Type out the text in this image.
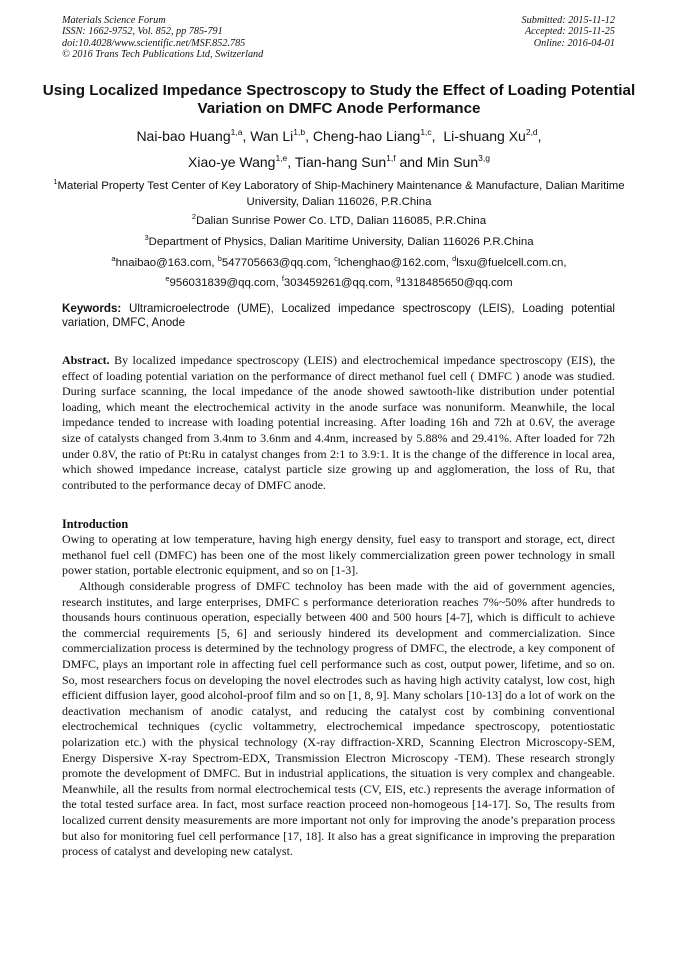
Materials Science Forum
ISSN: 1662-9752, Vol. 852, pp 785-791
doi:10.4028/www.scientific.net/MSF.852.785
© 2016 Trans Tech Publications Ltd, Switzerland
Submitted: 2015-11-12
Accepted: 2015-11-25
Online: 2016-04-01
Using Localized Impedance Spectroscopy to Study the Effect of Loading Potential Variation on DMFC Anode Performance
Nai-bao Huang$^{1,a}$, Wan Li$^{1,b}$, Cheng-hao Liang$^{1,c}$,  Li-shuang Xu$^{2,d}$,
Xiao-ye Wang$^{1,e}$, Tian-hang Sun$^{1,f}$ and Min Sun$^{3,g}$
$^1$Material Property Test Center of Key Laboratory of Ship-Machinery Maintenance & Manufacture, Dalian Maritime University, Dalian 116026, P.R.China
$^2$Dalian Sunrise Power Co. LTD, Dalian 116085, P.R.China
$^3$Department of Physics, Dalian Maritime University, Dalian 116026 P.R.China
$^a$hnaibao@163.com, $^b$547705663@qq.com, $^c$lchenghao@162.com, $^d$lsxu@fuelcell.com.cn,
$^e$956031839@qq.com, $^f$303459261@qq.com, $^g$1318485650@qq.com
Keywords: Ultramicroelectrode (UME), Localized impedance spectroscopy (LEIS), Loading potential variation, DMFC, Anode
Abstract. By localized impedance spectroscopy (LEIS) and electrochemical impedance spectroscopy (EIS), the effect of loading potential variation on the performance of direct methanol fuel cell ( DMFC ) anode was studied. During surface scanning, the local impedance of the anode showed sawtooth-like distribution under potential loading, which meant the electrochemical activity in the anode surface was nonuniform. Meanwhile, the local impedance tended to increase with loading potential increasing. After loading 16h and 72h at 0.6V, the average size of catalysts changed from 3.4nm to 3.6nm and 4.4nm, increased by 5.88% and 29.41%. After loaded for 72h under 0.8V, the ratio of Pt:Ru in catalyst changes from 2:1 to 3.9:1. It is the change of the difference in local area, which showed impedance increase, catalyst particle size growing up and agglomeration, the loss of Ru, that contributed to the performance decay of DMFC anode.
Introduction

Owing to operating at low temperature, having high energy density, fuel easy to transport and storage, ect, direct methanol fuel cell (DMFC) has been one of the most likely commercialization green power technology in small power station, portable electronic equipment, and so on [1-3].

Although considerable progress of DMFC technoloy has been made with the aid of government agencies, research institutes, and large enterprises, DMFC s performance deterioration reaches 7%~50% after hundreds to thousands hours continuous operation, especially between 400 and 500 hours [4-7], which is difficult to achieve the commercial requirements [5, 6] and seriously hindered its development and commercialization. Since commercialization process is determined by the technology progress of DMFC, the electrode, a key component of DMFC, plays an important role in affecting fuel cell performance such as cost, output power, lifetime, and so on. So, most researchers focus on developing the novel electrodes such as having high activity catalyst, low cost, high efficient diffusion layer, good alcohol-proof film and so on [1, 8, 9]. Many scholars [10-13] do a lot of work on the deactivation mechanism of anodic catalyst, and reducing the catalyst cost by combining conventional electrochemical techniques (cyclic voltammetry, electrochemical impedance spectroscopy, potentiostatic polarization etc.) with the physical technology (X-ray diffraction-XRD, Scanning Electron Microscopy-SEM, Energy Dispersive X-ray Spectrom-EDX, Transmission Electron Microscopy -TEM). These research strongly promote the development of DMFC. But in industrial applications, the situation is very complex and changeable. Meanwhile, all the results from normal electrochemical tests (CV, EIS, etc.) represents the average information of the total tested surface area. In fact, most surface reaction proceed non-homogeous [14-17]. So, The results from localized current density measurements are more important not only for improving the anode’s preparation process but also for monitoring fuel cell performance [17, 18]. It also has a great significance in improving the preparation process of catalyst and developing new catalyst.
